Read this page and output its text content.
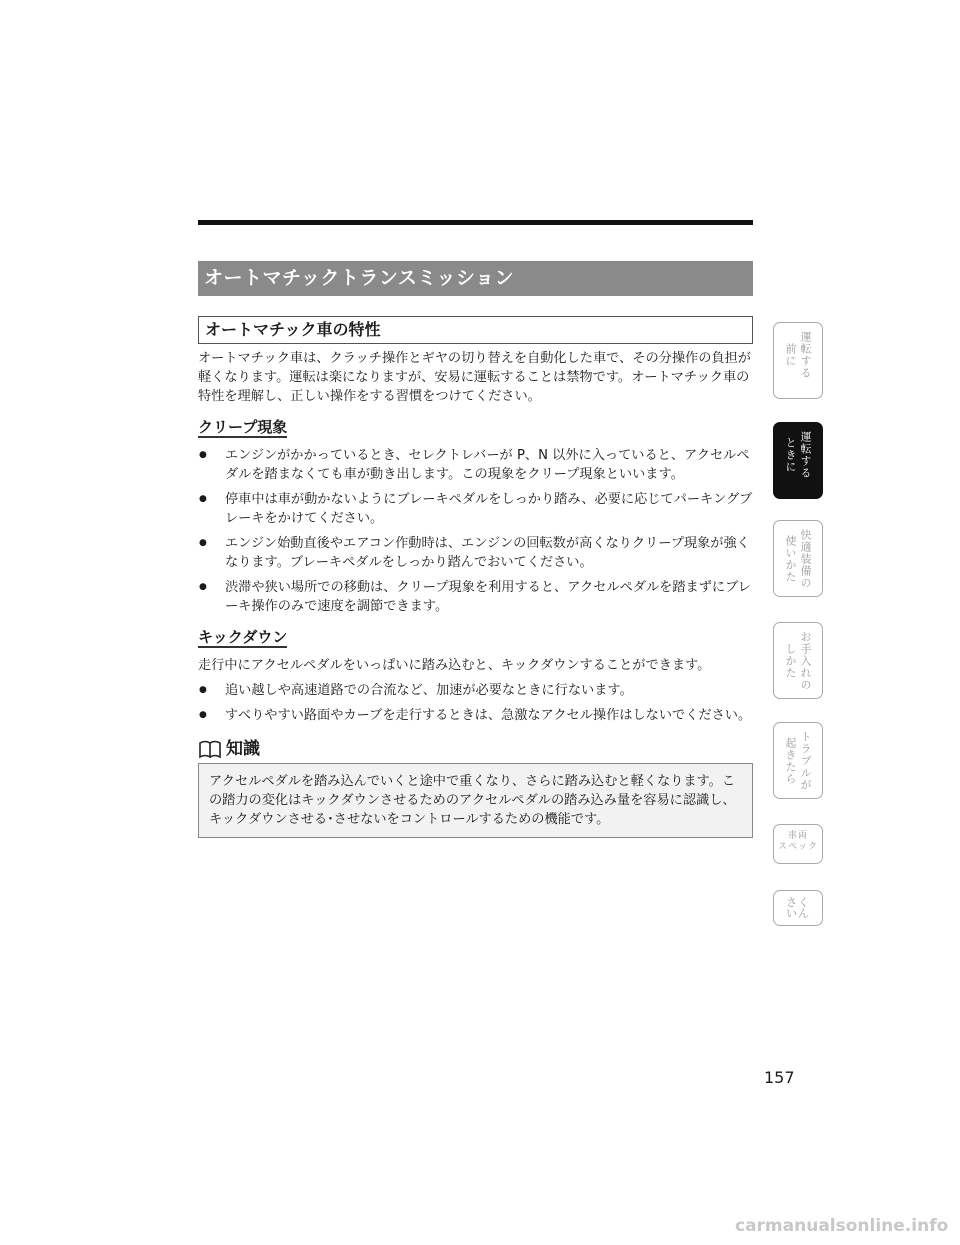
オートマチックトランスミッション
オートマチック車の特性

オートマチック車は、クラッチ操作とギヤの切り替えを自動化した車で、その分操作の負担が軽くなります。運転は楽になりますが、安易に運転することは禁物です。オートマチック車の特性を理解し、正しい操作をする習慣をつけてください。

クリープ現象
● エンジンがかかっているとき、セレクトレバーが P、N 以外に入っていると、アクセルペダルを踏まなくても車が動き出します。この現象をクリープ現象といいます。
● 停車中は車が動かないようにブレーキペダルをしっかり踏み、必要に応じてパーキングブレーキをかけてください。
● エンジン始動直後やエアコン作動時は、エンジンの回転数が高くなりクリープ現象が強くなります。ブレーキペダルをしっかり踏んでおいてください。
● 渋滞や狭い場所での移動は、クリープ現象を利用すると、アクセルペダルを踏まずにブレーキ操作のみで速度を調節できます。
キックダウン

走行中にアクセルペダルをいっぱいに踏み込むと、キックダウンすることができます。

● 追い越しや高速道路での合流など、加速が必要なときに行ないます。
● すべりやすい路面やカーブを走行するときは、急激なアクセル操作はしないでください。
知識
アクセルペダルを踏み込んでいくと途中で重くなり、さらに踏み込むと軽くなります。この踏力の変化はキックダウンさせるためのアクセルペダルの踏み込み量を容易に認識し、キックダウンさせる･させないをコントロールするための機能です。
運転する
前に
運転する
ときに
快適装備の
使いかた
お手入れの
しかた
トラブルが
起きたら
車両
スペック
さく
いん
157
carmanualsonline.info
